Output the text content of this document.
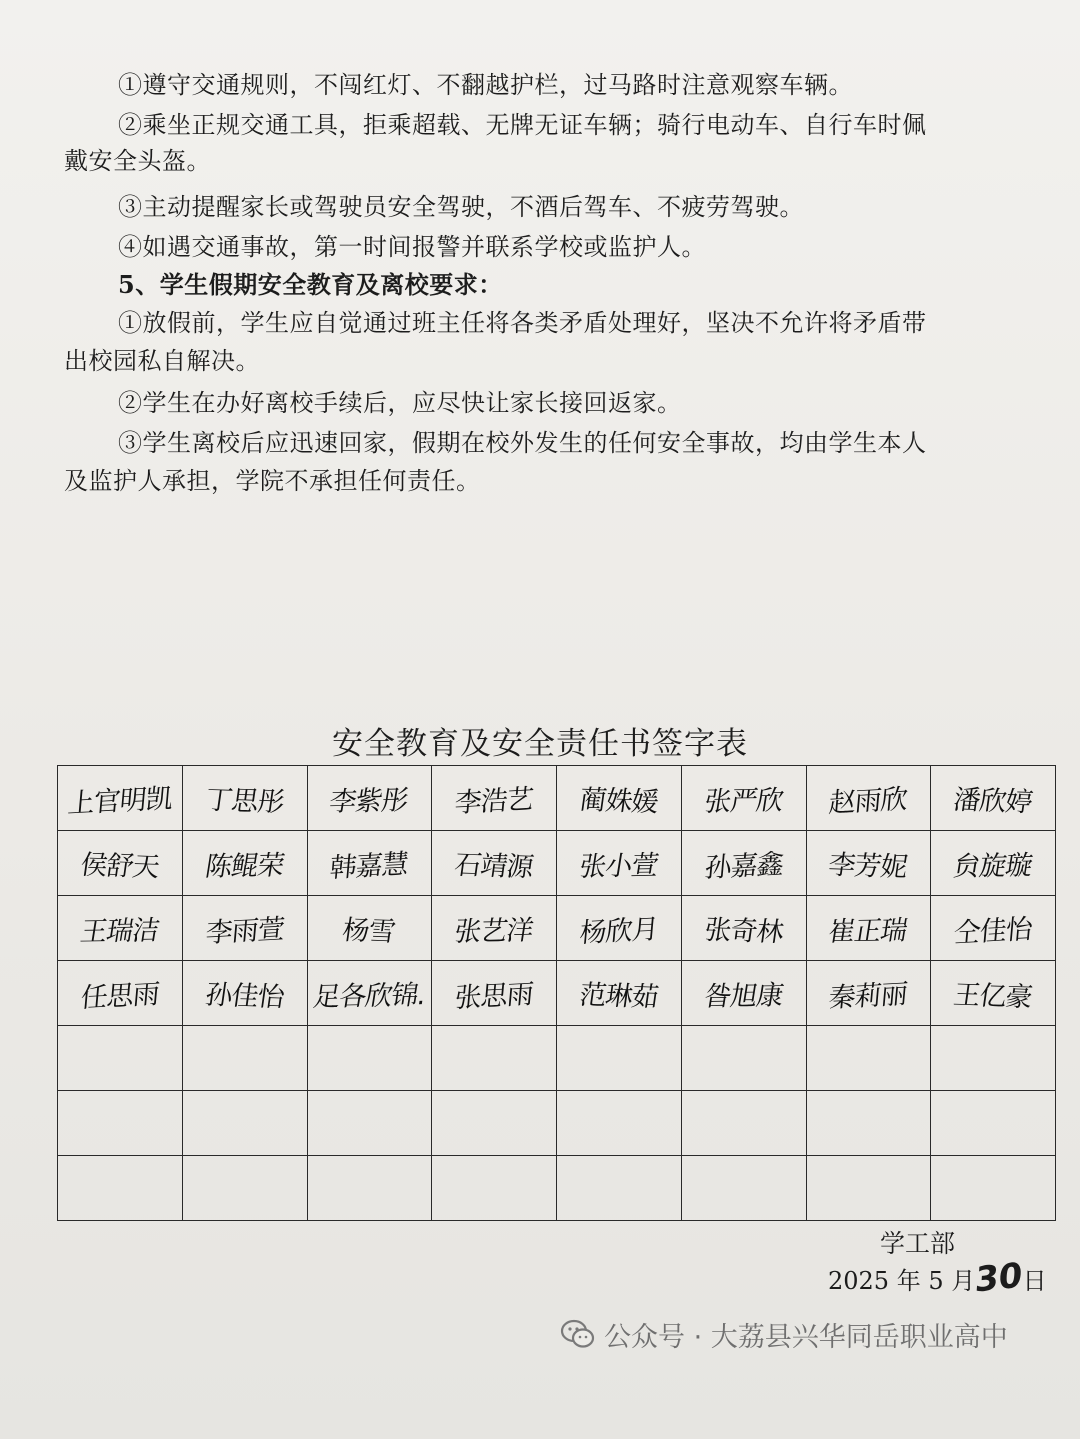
①遵守交通规则，不闯红灯、不翻越护栏，过马路时注意观察车辆。
②乘坐正规交通工具，拒乘超载、无牌无证车辆；骑行电动车、自行车时佩
戴安全头盔。
③主动提醒家长或驾驶员安全驾驶，不酒后驾车、不疲劳驾驶。
④如遇交通事故，第一时间报警并联系学校或监护人。
5、学生假期安全教育及离校要求：
①放假前，学生应自觉通过班主任将各类矛盾处理好，坚决不允许将矛盾带
出校园私自解决。
②学生在办好离校手续后，应尽快让家长接回返家。
③学生离校后应迅速回家，假期在校外发生的任何安全事故，均由学生本人
及监护人承担，学院不承担任何责任。
安全教育及安全责任书签字表
上官明凯	丁思彤	李紫彤	李浩艺	蔺姝媛	张严欣	赵雨欣	潘欣婷
侯舒天	陈鲲荣	韩嘉慧	石靖源	张小萱	孙嘉鑫	李芳妮	贠旋璇
王瑞洁	李雨萱	杨雪	张艺洋	杨欣月	张奇林	崔正瑞	仝佳怡
任思雨	孙佳怡	足各欣锦.	张思雨	范琳茹	昝旭康	秦莉丽	王亿豪

学工部
2025 年 5 月30日
公众号 · 大荔县兴华同岳职业高中
